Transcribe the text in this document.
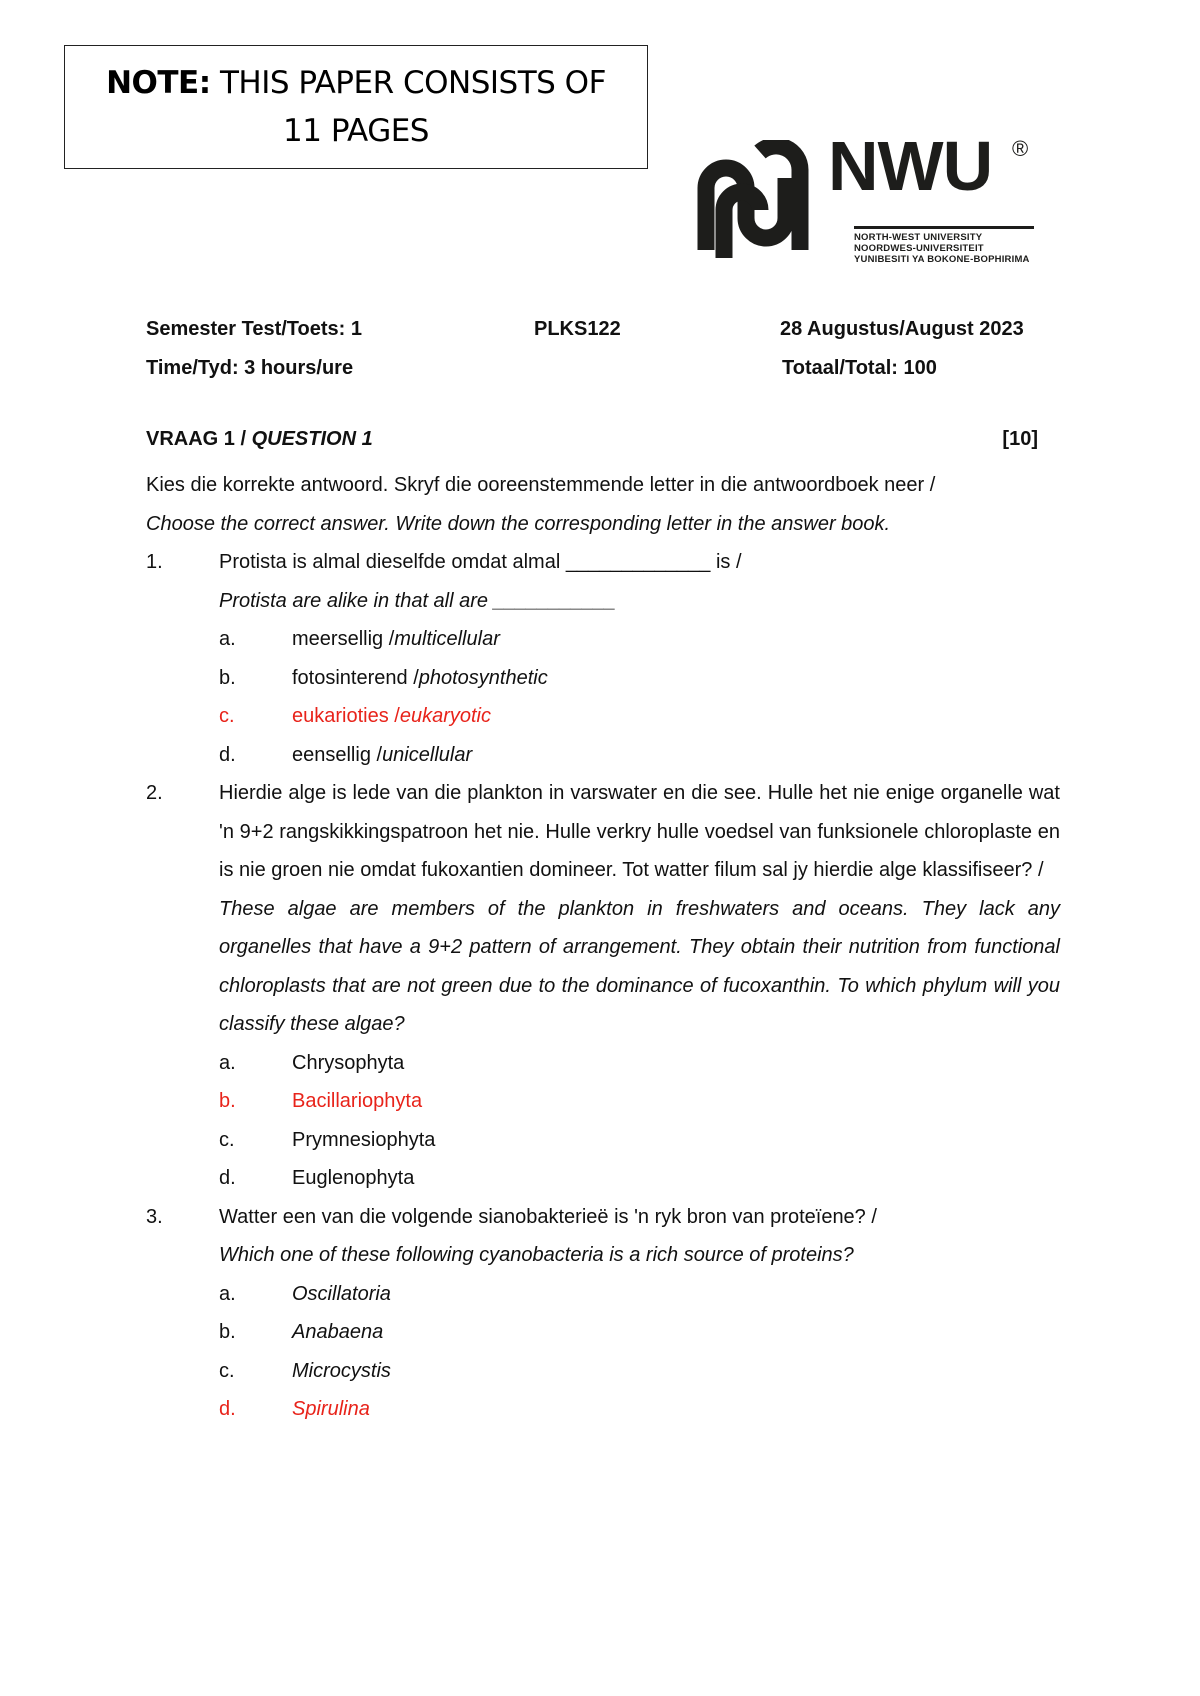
NOTE: THIS PAPER CONSISTS OF
11 PAGES	NWU ®
NORTH-WEST UNIVERSITY
NOORDWES-UNIVERSITEIT
YUNIBESITI YA BOKONE-BOPHIRIMA
Semester Test/Toets: 1	PLKS122	28 Augustus/August 2023
Time/Tyd: 3 hours/ure	Totaal/Total: 100
VRAAG 1 / QUESTION 1	[10]
Kies die korrekte antwoord. Skryf die ooreenstemmende letter in die antwoordboek neer /
Choose the correct answer. Write down the corresponding letter in the answer book.
1.	Protista is almal dieselfde omdat almal _____________ is /
Protista are alike in that all are ___________
a.	meersellig / multicellular
b.	fotosinterend / photosynthetic
c.	eukarioties / eukaryotic
d.	eensellig / unicellular
2.	Hierdie alge is lede van die plankton in varswater en die see. Hulle het nie enige organelle wat 'n 9+2 rangskikkingspatroon het nie. Hulle verkry hulle voedsel van funksionele chloroplaste en is nie groen nie omdat fukoxantien domineer. Tot watter filum sal jy hierdie alge klassifiseer? /
These algae are members of the plankton in freshwaters and oceans. They lack any organelles that have a 9+2 pattern of arrangement. They obtain their nutrition from functional chloroplasts that are not green due to the dominance of fucoxanthin. To which phylum will you classify these algae?
a.	Chrysophyta
b.	Bacillariophyta
c.	Prymnesiophyta
d.	Euglenophyta
3.	Watter een van die volgende sianobakterieë is 'n ryk bron van proteïene? /
Which one of these following cyanobacteria is a rich source of proteins?
a.	Oscillatoria
b.	Anabaena
c.	Microcystis
d.	Spirulina
